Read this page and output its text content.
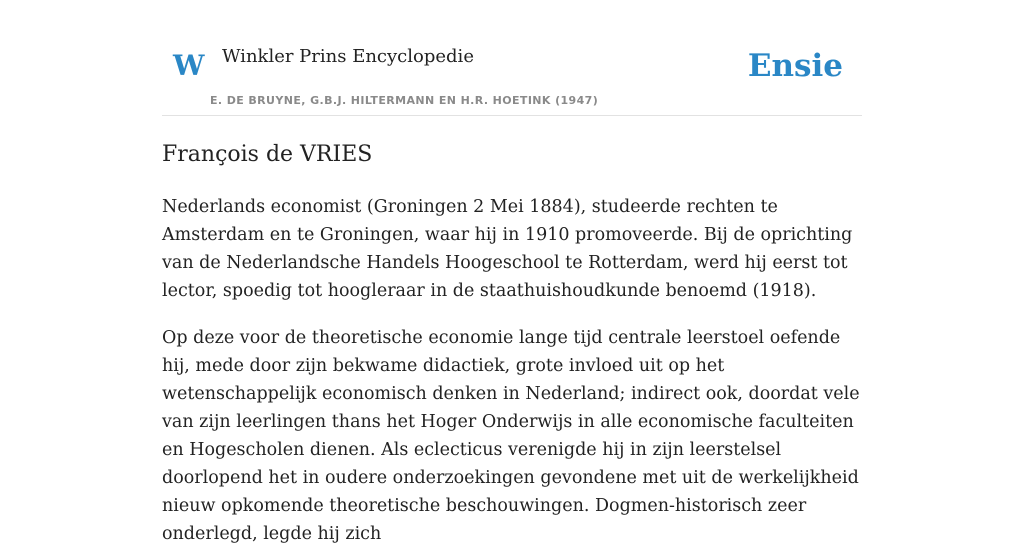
W Winkler Prins Encyclopedie
E. DE BRUYNE, G.B.J. HILTERMANN EN H.R. HOETINK (1947)
Ensie
François de VRIES

Nederlands economist (Groningen 2 Mei 1884), studeerde rechten te Amsterdam en te Groningen, waar hij in 1910 promoveerde. Bij de oprichting van de Nederlandsche Handels Hoogeschool te Rotterdam, werd hij eerst tot lector, spoedig tot hoogleraar in de staathuishoudkunde benoemd (1918).

Op deze voor de theoretische economie lange tijd centrale leerstoel oefende hij, mede door zijn bekwame didactiek, grote invloed uit op het wetenschappelijk economisch denken in Nederland; indirect ook, doordat vele van zijn leerlingen thans het Hoger Onderwijs in alle economische faculteiten en Hogescholen dienen. Als eclecticus verenigde hij in zijn leerstelsel doorlopend het in oudere onderzoekingen gevondene met uit de werkelijkheid nieuw opkomende theoretische beschouwingen. Dogmen-historisch zeer onderlegd, legde hij zich
